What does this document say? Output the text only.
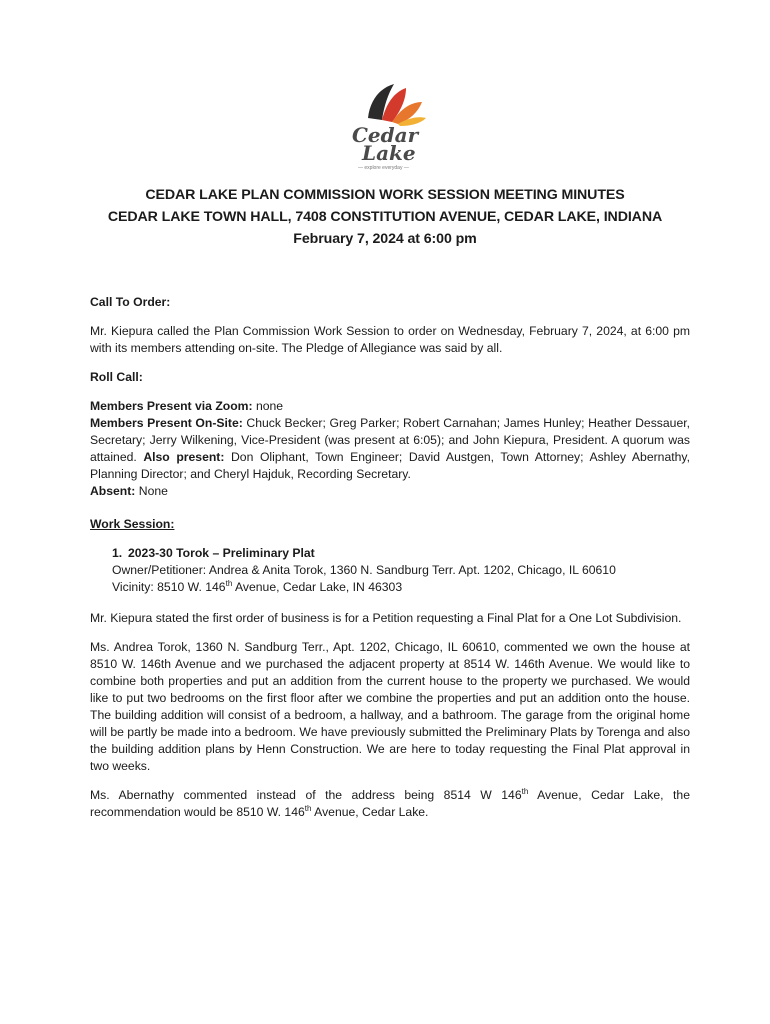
Cedar
Lake
— explore everyday —
CEDAR LAKE PLAN COMMISSION WORK SESSION MEETING MINUTES
CEDAR LAKE TOWN HALL, 7408 CONSTITUTION AVENUE, CEDAR LAKE, INDIANA
February 7, 2024 at 6:00 pm

Call To Order:

Mr. Kiepura called the Plan Commission Work Session to order on Wednesday, February 7, 2024, at 6:00 pm with its members attending on-site. The Pledge of Allegiance was said by all.

Roll Call:

Members Present via Zoom: none
Members Present On-Site: Chuck Becker; Greg Parker; Robert Carnahan; James Hunley; Heather Dessauer, Secretary; Jerry Wilkening, Vice-President (was present at 6:05); and John Kiepura, President. A quorum was attained. Also present: Don Oliphant, Town Engineer; David Austgen, Town Attorney; Ashley Abernathy, Planning Director; and Cheryl Hajduk, Recording Secretary.
Absent: None

Work Session:

1. 2023-30 Torok – Preliminary Plat
Owner/Petitioner: Andrea & Anita Torok, 1360 N. Sandburg Terr. Apt. 1202, Chicago, IL 60610
Vicinity: 8510 W. 146th Avenue, Cedar Lake, IN 46303

Mr. Kiepura stated the first order of business is for a Petition requesting a Final Plat for a One Lot Subdivision.

Ms. Andrea Torok, 1360 N. Sandburg Terr., Apt. 1202, Chicago, IL 60610, commented we own the house at 8510 W. 146th Avenue and we purchased the adjacent property at 8514 W. 146th Avenue. We would like to combine both properties and put an addition from the current house to the property we purchased. We would like to put two bedrooms on the first floor after we combine the properties and put an addition onto the house. The building addition will consist of a bedroom, a hallway, and a bathroom. The garage from the original home will be partly be made into a bedroom. We have previously submitted the Preliminary Plats by Torenga and also the building addition plans by Henn Construction. We are here to today requesting the Final Plat approval in two weeks.

Ms. Abernathy commented instead of the address being 8514 W 146th Avenue, Cedar Lake, the recommendation would be 8510 W. 146th Avenue, Cedar Lake.
